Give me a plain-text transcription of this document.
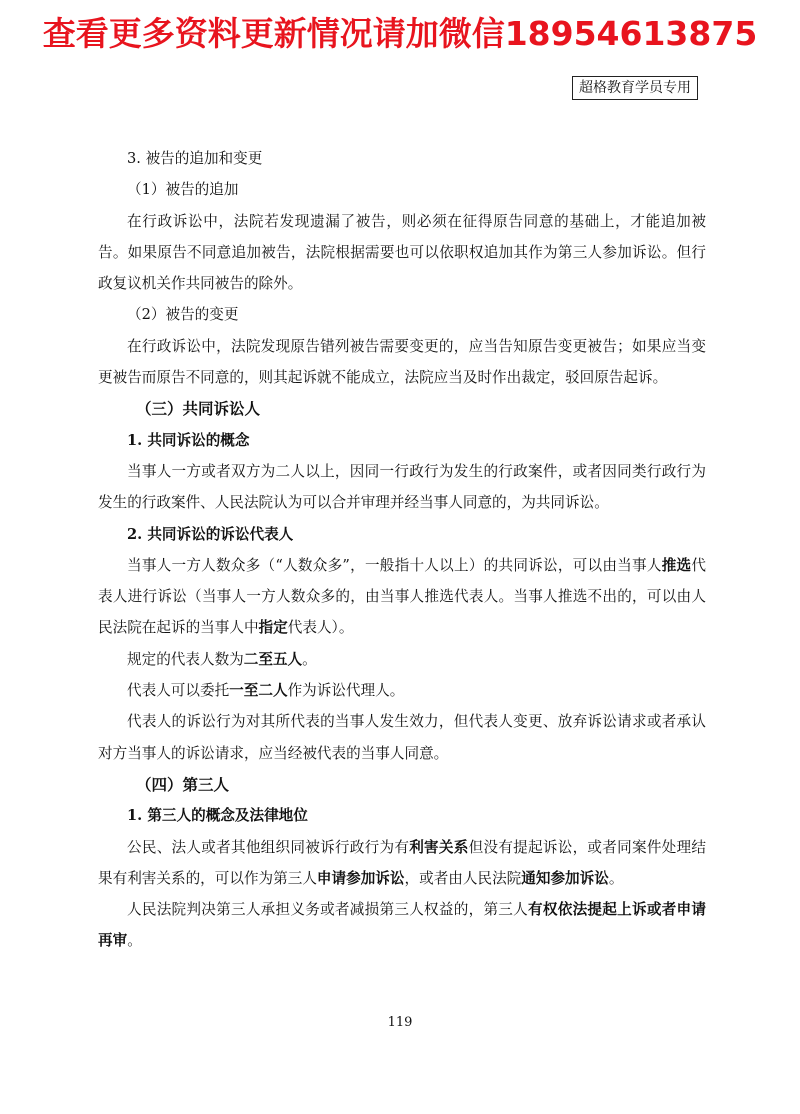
查看更多资料更新情况请加微信18954613875
超格教育学员专用

3. 被告的追加和变更

（1）被告的追加

在行政诉讼中，法院若发现遗漏了被告，则必须在征得原告同意的基础上，才能追加被告。如果原告不同意追加被告，法院根据需要也可以依职权追加其作为第三人参加诉讼。但行政复议机关作共同被告的除外。

（2）被告的变更

在行政诉讼中，法院发现原告错列被告需要变更的，应当告知原告变更被告；如果应当变更被告而原告不同意的，则其起诉就不能成立，法院应当及时作出裁定，驳回原告起诉。

（三）共同诉讼人

1. 共同诉讼的概念

当事人一方或者双方为二人以上，因同一行政行为发生的行政案件，或者因同类行政行为发生的行政案件、人民法院认为可以合并审理并经当事人同意的，为共同诉讼。

2. 共同诉讼的诉讼代表人

当事人一方人数众多（“人数众多”，一般指十人以上）的共同诉讼，可以由当事人推选代表人进行诉讼（当事人一方人数众多的，由当事人推选代表人。当事人推选不出的，可以由人民法院在起诉的当事人中指定代表人）。

规定的代表人数为二至五人。

代表人可以委托一至二人作为诉讼代理人。

代表人的诉讼行为对其所代表的当事人发生效力，但代表人变更、放弃诉讼请求或者承认对方当事人的诉讼请求，应当经被代表的当事人同意。

（四）第三人

1. 第三人的概念及法律地位

公民、法人或者其他组织同被诉行政行为有利害关系但没有提起诉讼，或者同案件处理结果有利害关系的，可以作为第三人申请参加诉讼，或者由人民法院通知参加诉讼。

人民法院判决第三人承担义务或者减损第三人权益的，第三人有权依法提起上诉或者申请再审。

119
